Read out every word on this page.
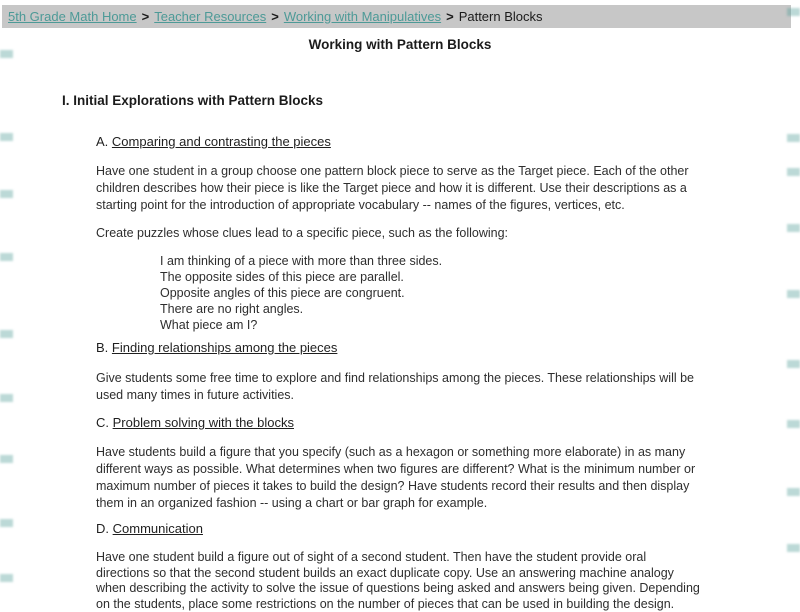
5th Grade Math Home > Teacher Resources > Working with Manipulatives > Pattern Blocks
Working with Pattern Blocks

I. Initial Explorations with Pattern Blocks

A. Comparing and contrasting the pieces

Have one student in a group choose one pattern block piece to serve as the Target piece. Each of the other
children describes how their piece is like the Target piece and how it is different. Use their descriptions as a
starting point for the introduction of appropriate vocabulary -- names of the figures, vertices, etc.

Create puzzles whose clues lead to a specific piece, such as the following:

I am thinking of a piece with more than three sides.
The opposite sides of this piece are parallel.
Opposite angles of this piece are congruent.
There are no right angles.
What piece am I?

B. Finding relationships among the pieces

Give students some free time to explore and find relationships among the pieces. These relationships will be
used many times in future activities.

C. Problem solving with the blocks

Have students build a figure that you specify (such as a hexagon or something more elaborate) in as many
different ways as possible. What determines when two figures are different? What is the minimum number or
maximum number of pieces it takes to build the design? Have students record their results and then display
them in an organized fashion -- using a chart or bar graph for example.

D. Communication

Have one student build a figure out of sight of a second student. Then have the student provide oral
directions so that the second student builds an exact duplicate copy. Use an answering machine analogy
when describing the activity to solve the issue of questions being asked and answers being given. Depending
on the students, place some restrictions on the number of pieces that can be used in building the design.
